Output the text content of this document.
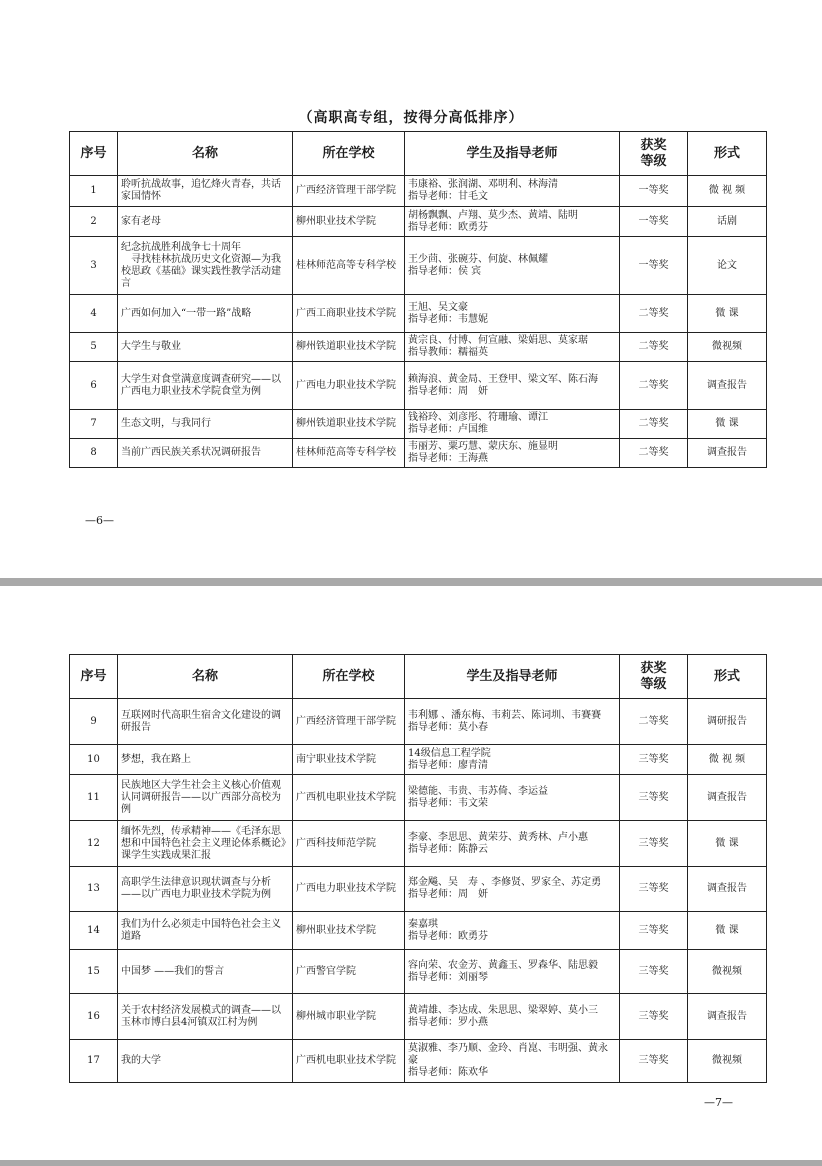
（高职高专组，按得分高低排序）
序号	名称	所在学校	学生及指导老师	获奖
等级	形式
1	聆听抗战故事，追忆烽火青春，共话家国情怀	广西经济管理干部学院	韦康裕、张润湖、邓明利、林海清
指导老师：甘毛文	一等奖	微 视 频
2	家有老母	柳州职业技术学院	胡杨飘飘、卢翔、莫少杰、黄靖、陆明
指导老师：欧勇芬	一等奖	话剧
3	纪念抗战胜利战争七十周年
　寻找桂林抗战历史文化资源—为我校思政《基础》课实践性教学活动建言	桂林师范高等专科学校	王少茴、张碗芬、何旋、林佩耀
指导老师：侯 宾	一等奖	论文
4	广西如何加入“一带一路”战略	广西工商职业技术学院	王旭、吴文豪
指导老师：韦慧妮	二等奖	微 课
5	大学生与敬业	柳州铁道职业技术学院	黄宗良、付博、何宣融、梁娟思、莫家琚
指导教师：糯福英	二等奖	微视频
6	大学生对食堂满意度调查研究——以广西电力职业技术学院食堂为例	广西电力职业技术学院	赖海浪、黄金局、王登甲、梁文军、陈石海
指导老师：周　妍	二等奖	调查报告
7	生态文明，与我同行	柳州铁道职业技术学院	钱裕玲、刘彦彤、符珊瑜、谭江
指导老师：卢国维	二等奖	微 课
8	当前广西民族关系状况调研报告	桂林师范高等专科学校	韦丽芳、粟巧慧、蒙庆东、施显明
指导老师：王海燕	二等奖	调查报告
—6—
序号	名称	所在学校	学生及指导老师	获奖
等级	形式
9	互联网时代高职生宿舍文化建设的调研报告	广西经济管理干部学院	韦利娜 、潘东梅、韦莉芸、陈词圳、韦賽賽
指导老师：莫小春	二等奖	调研报告
10	梦想，我在路上	南宁职业技术学院	14级信息工程学院
指导老师：廖青清	三等奖	微 视 频
11	民族地区大学生社会主义核心价值观认同调研报告——以广西部分高校为例	广西机电职业技术学院	梁德能、韦贵、韦苏倚、李运益
指导老师：韦文荣	三等奖	调查报告
12	缅怀先烈，传承精神——《毛泽东思想和中国特色社会主义理论体系概论》课学生实践成果汇报	广西科技师范学院	李豪、李思思、黄荣芬、黄秀林、卢小惠
指导老师：陈静云	三等奖	微 课
13	高职学生法律意识现状调查与分析——以广西电力职业技术学院为例	广西电力职业技术学院	郑金飚、吴　寿 、李修贤、罗家全、苏定勇
指导老师：周　妍	三等奖	调查报告
14	我们为什么必须走中国特色社会主义道路	柳州职业技术学院	秦嘉琪
指导老师：欧勇芬	三等奖	微 课
15	中国梦 ——我们的誓言	广西警官学院	容向荣、农金芳、黄鑫玉、罗森华、陆思毅
指导老师：刘丽琴	三等奖	微视频
16	关于农村经济发展模式的调查——以玉林市博白县4河镇双江村为例	柳州城市职业学院	黄靖雄、李达成、朱思思、梁翠婷、莫小三
指导老师：罗小燕	三等奖	调查报告
17	我的大学	广西机电职业技术学院	莫淑雅、李乃顺、金玲、肖崑、韦明强、黄永豪
指导老师：陈欢华	三等奖	微视频
—7—
